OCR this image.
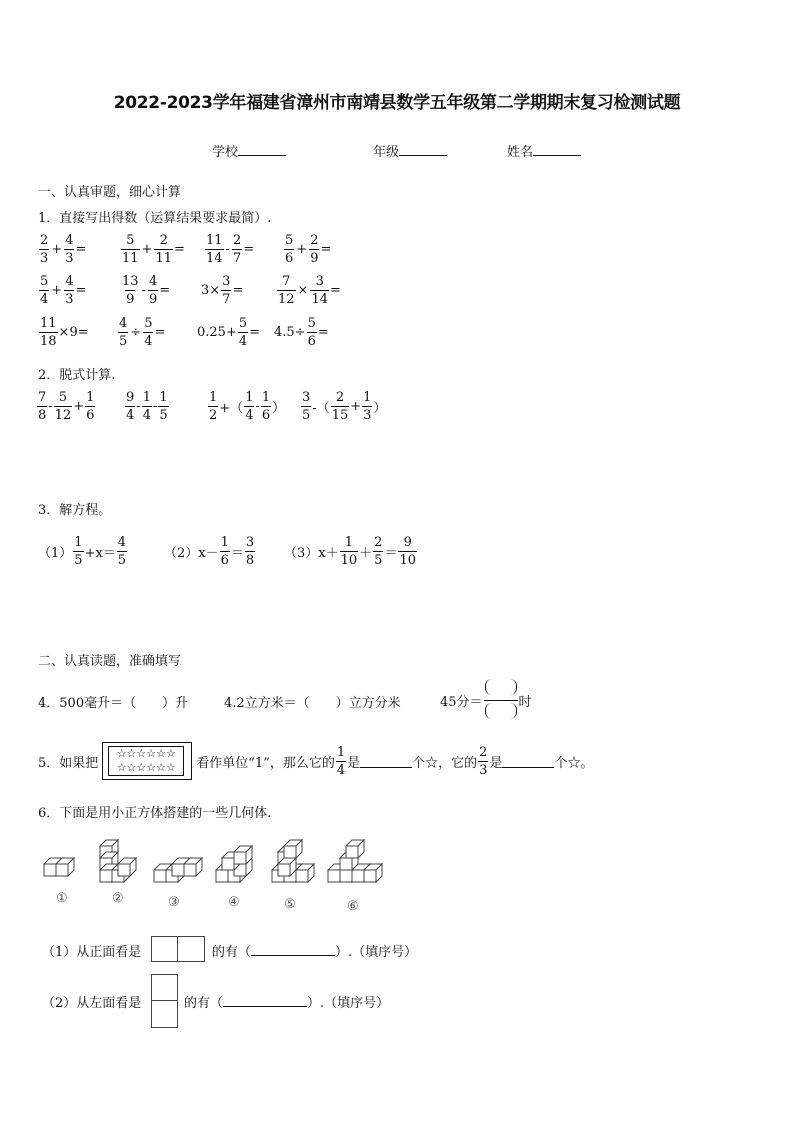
2022-2023学年福建省漳州市南靖县数学五年级第二学期期末复习检测试题
学校	年级	姓名
一、认真审题，细心计算
1．直接写出得数（运算结果要求最简）.
$\frac{2}{3} + \frac{4}{3}$ =	$\frac{5}{11} + \frac{2}{11} = \frac{11}{14} - \frac{2}{7} = \frac{5}{6} + \frac{2}{9}$ =
$\frac{5}{4} + \frac{4}{3}$ =	$\frac{13}{9} - \frac{4}{9} = 3\times \frac{3}{7}$ =	$\frac{7}{12} \times \frac{3}{14}$ =
$\frac{11}{18} \times 9= \frac{4}{5} \div \frac{5}{4} = 0.25+ \frac{5}{4} = 4.5\div \frac{5}{6}$ =
2．脱式计算.
$\frac{7}{8} - \frac{5}{12} + \frac{1}{6} \frac{9}{4} - \frac{1}{4} - \frac{1}{5}$	$\frac{1}{2}$ +（ $\frac{1}{4} - \frac{1}{6}$ ） $\frac{3}{5}$ -（ $\frac{2}{15} + \frac{1}{3}$ ）
3．解方程。
$(1) \frac{1}{5} +x= \frac{4}{5}$	$(2)x- \frac{1}{6} = \frac{3}{8} (3)x+ \frac{1}{10} + \frac{2}{5} = \frac{9}{10}$
二、认真读题，准确填写
4．500毫升＝（　　）升	4.2立方米＝（　　）立方分米	45分＝	时
5．如果把
☆☆☆☆☆☆
☆☆☆☆☆☆	看作单位“1”，那么它的 $\frac{1}{4}$ 是	个☆，它的 $\frac{2}{3}$ 是	个☆。
6．下面是用小正方体搭建的一些几何体.
①	②	③	④	⑤	⑥
（1）从正面看是	的有（	）.（填序号）
（2）从左面看是	的有（	）.（填序号）
